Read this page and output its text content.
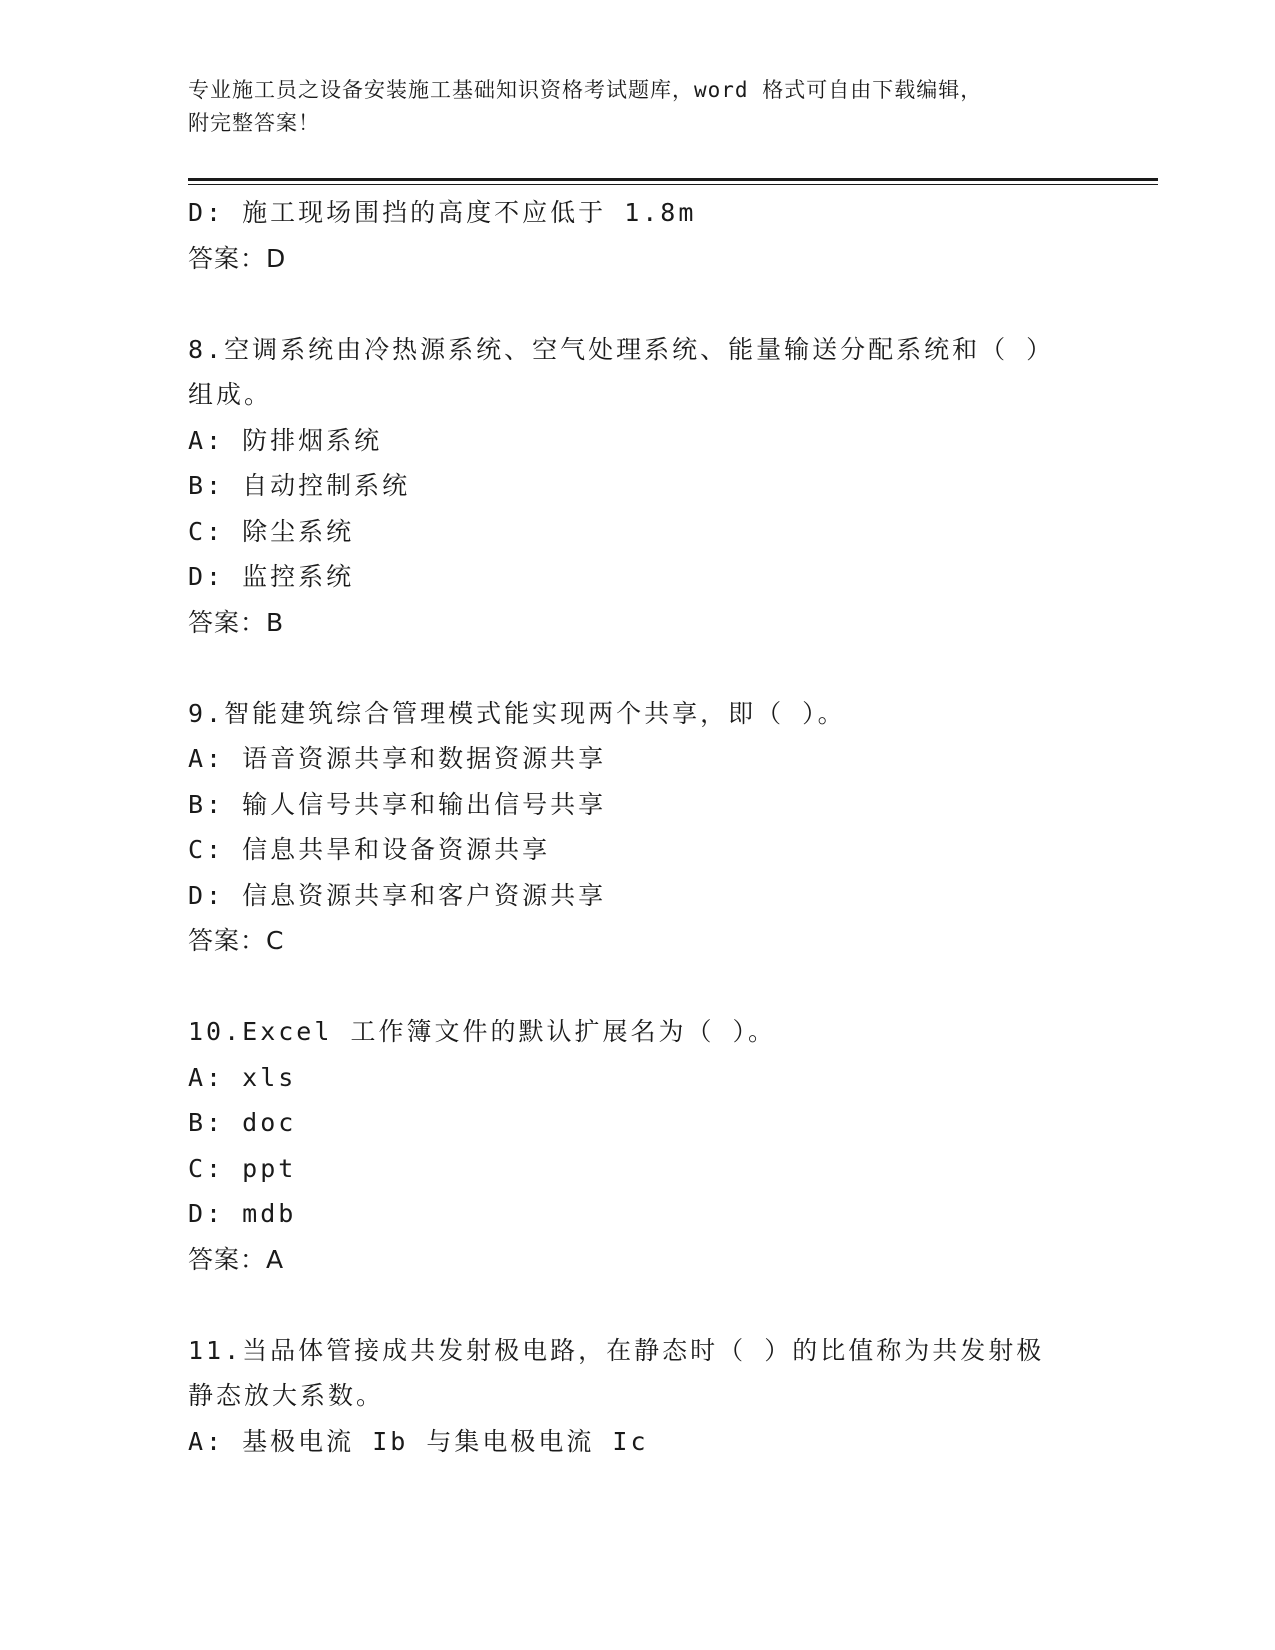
专业施工员之设备安装施工基础知识资格考试题库，word 格式可自由下载编辑，
附完整答案！
D: 施工现场围挡的高度不应低于 1.8m
答案：D
8.空调系统由冷热源系统、空气处理系统、能量输送分配系统和（ ）
组成。
A: 防排烟系统
B: 自动控制系统
C: 除尘系统
D: 监控系统
答案：B
9.智能建筑综合管理模式能实现两个共享，即（ ）。
A: 语音资源共享和数据资源共享
B: 输人信号共享和输出信号共享
C: 信息共旱和设备资源共享
D: 信息资源共享和客户资源共享
答案：C
10.Excel 工作簿文件的默认扩展名为（ ）。
A: xls
B: doc
C: ppt
D: mdb
答案：A
11.当品体管接成共发射极电路，在静态时（ ）的比值称为共发射极
静态放大系数。
A: 基极电流 Ib 与集电极电流 Ic
